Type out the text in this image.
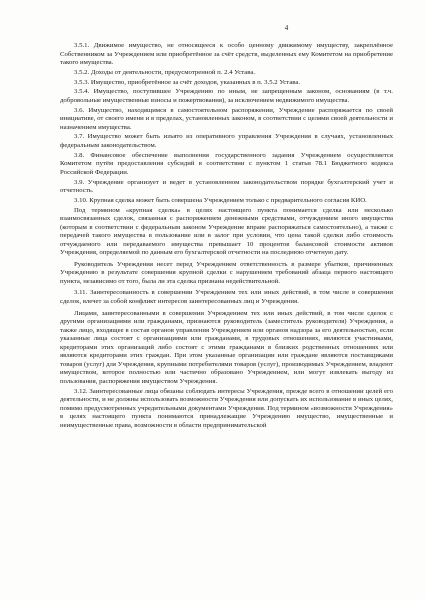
4

3.5.1. Движимое имущество, не относящееся к особо ценному движимому имуществу, закреплённое Собственником за Учреждением или приобретённое за счёт средств, выделенных ему Комитетом на приобретение такого имущества.

3.5.2. Доходы от деятельности, предусмотренной п. 2.4 Устава.

3.5.3. Имущество, приобретённое за счёт доходов, указанных в п. 3.5.2 Устава.

3.5.4. Имущество, поступившее Учреждению по иным, не запрещенным законом, основаниям (в т.ч. добровольные имущественные взносы и пожертвования), за исключением недвижимого имущества.

3.6. Имущество, находящимся в самостоятельном распоряжении, Учреждение распоряжается по своей инициативе, от своего имени и в пределах, установленных законом, в соответствии с целями своей деятельности и назначением имущества.

3.7. Имущество может быть изъято из оперативного управления Учреждения в случаях, установленных федеральным законодательством.

3.8. Финансовое обеспечение выполнения государственного задания Учреждением осуществляется Комитетом путём предоставления субсидий в соответствии с пунктом 1 статьи 78.1 Бюджетного кодекса Российской Федерации.

3.9. Учреждение организует и ведет в установленном законодательством порядке бухгалтерский учет и отчетность.

3.10. Крупная сделка может быть совершена Учреждением только с предварительного согласия КИО.

Под термином «крупная сделка» в целях настоящего пункта понимается сделка или несколько взаимосвязанных сделок, связанная с распоряжением денежными средствами, отчуждением иного имущества (которым в соответствии с федеральным законом Учреждение вправе распоряжаться самостоятельно), а также с передачей такого имущества в пользование или в залог при условии, что цена такой сделки либо стоимость отчуждаемого или передаваемого имущества превышает 10 процентов балансовой стоимости активов Учреждения, определяемой по данным его бухгалтерской отчетности на последнюю отчетную дату.

Руководитель Учреждения несет перед Учреждением ответственность в размере убытков, причиненных Учреждению в результате совершения крупной сделки с нарушением требований абзаца первого настоящего пункта, независимо от того, была ли эта сделка признана недействительной.

3.11. Заинтересованность в совершении Учреждением тех или иных действий, в том числе в совершении сделок, влечет за собой конфликт интересов заинтересованных лиц и Учреждения.

Лицами, заинтересованными в совершении Учреждением тех или иных действий, в том числе сделок с другими организациями или гражданами, признаются руководитель (заместитель руководителя) Учреждения, а также лицо, входящее в состав органов управления Учреждением или органов надзора за его деятельностью, если указанные лица состоят с организациями или гражданами, в трудовых отношениях, являются участниками, кредиторами этих организаций либо состоят с этими гражданами в близких родственных отношениях или являются кредиторами этих граждан. При этом указанные организации или граждане являются поставщиками товаров (услуг) для Учреждения, крупными потребителями товаров (услуг), производимых Учреждением, владеют имуществом, которое полностью или частично образовано Учреждением, или могут извлекать выгоду из пользования, распоряжения имуществом Учреждения.

3.12. Заинтересованные лица обязаны соблюдать интересы Учреждения, прежде всего в отношении целей его деятельности, и не должны использовать возможности Учреждения или допускать их использование в иных целях, помимо предусмотренных учредительными документами Учреждения. Под термином «возможности Учреждения» в целях настоящего пункта понимаются принадлежащие Учреждению имущество, имущественные и неимущественные права, возможности в области предпринимательской
